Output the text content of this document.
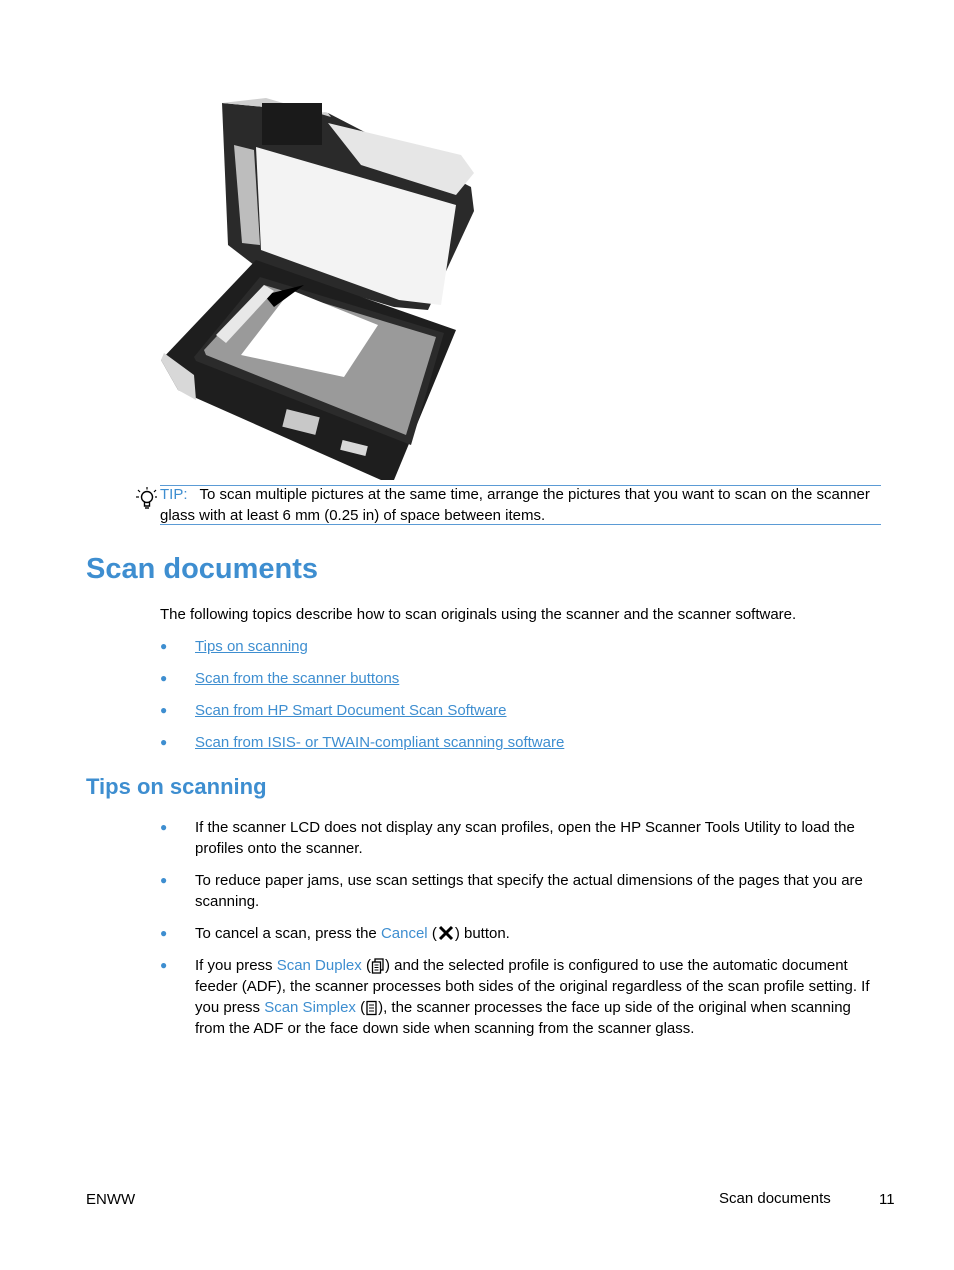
TIP: To scan multiple pictures at the same time, arrange the pictures that you want to scan on the scanner glass with at least 6 mm (0.25 in) of space between items.
Scan documents
The following topics describe how to scan originals using the scanner and the scanner software.
● Tips on scanning
● Scan from the scanner buttons
● Scan from HP Smart Document Scan Software
● Scan from ISIS- or TWAIN-compliant scanning software
Tips on scanning
● If the scanner LCD does not display any scan profiles, open the HP Scanner Tools Utility to load the profiles onto the scanner.
● To reduce paper jams, use scan settings that specify the actual dimensions of the pages that you are scanning.
● To cancel a scan, press the Cancel ( ) button.
● If you press Scan Duplex ( ) and the selected profile is configured to use the automatic document feeder (ADF), the scanner processes both sides of the original regardless of the scan profile setting. If you press Scan Simplex ( ), the scanner processes the face up side of the original when scanning from the ADF or the face down side when scanning from the scanner glass.
ENWW	Scan documents	11
